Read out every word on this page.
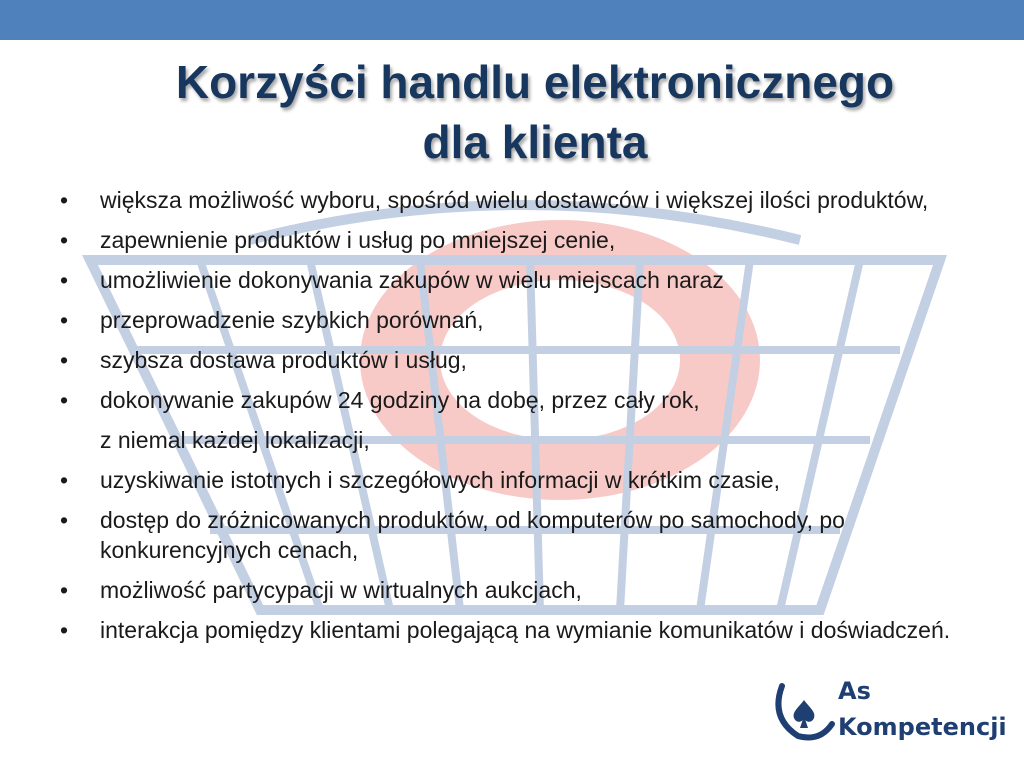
Korzyści handlu elektronicznego
dla klienta
• większa możliwość wyboru, spośród wielu dostawców i większej ilości produktów,
• zapewnienie produktów i usług po mniejszej cenie,
• umożliwienie dokonywania zakupów w wielu miejscach naraz
• przeprowadzenie szybkich porównań,
• szybsza dostawa produktów i usług,
• dokonywanie zakupów 24 godziny na dobę, przez cały rok,
z niemal każdej lokalizacji,
• uzyskiwanie istotnych i szczegółowych informacji w krótkim czasie,
• dostęp do zróżnicowanych produktów, od komputerów po samochody, po konkurencyjnych cenach,
• możliwość partycypacji w wirtualnych aukcjach,
• interakcja pomiędzy klientami polegającą na wymianie komunikatów i doświadczeń.
As
Kompetencji
